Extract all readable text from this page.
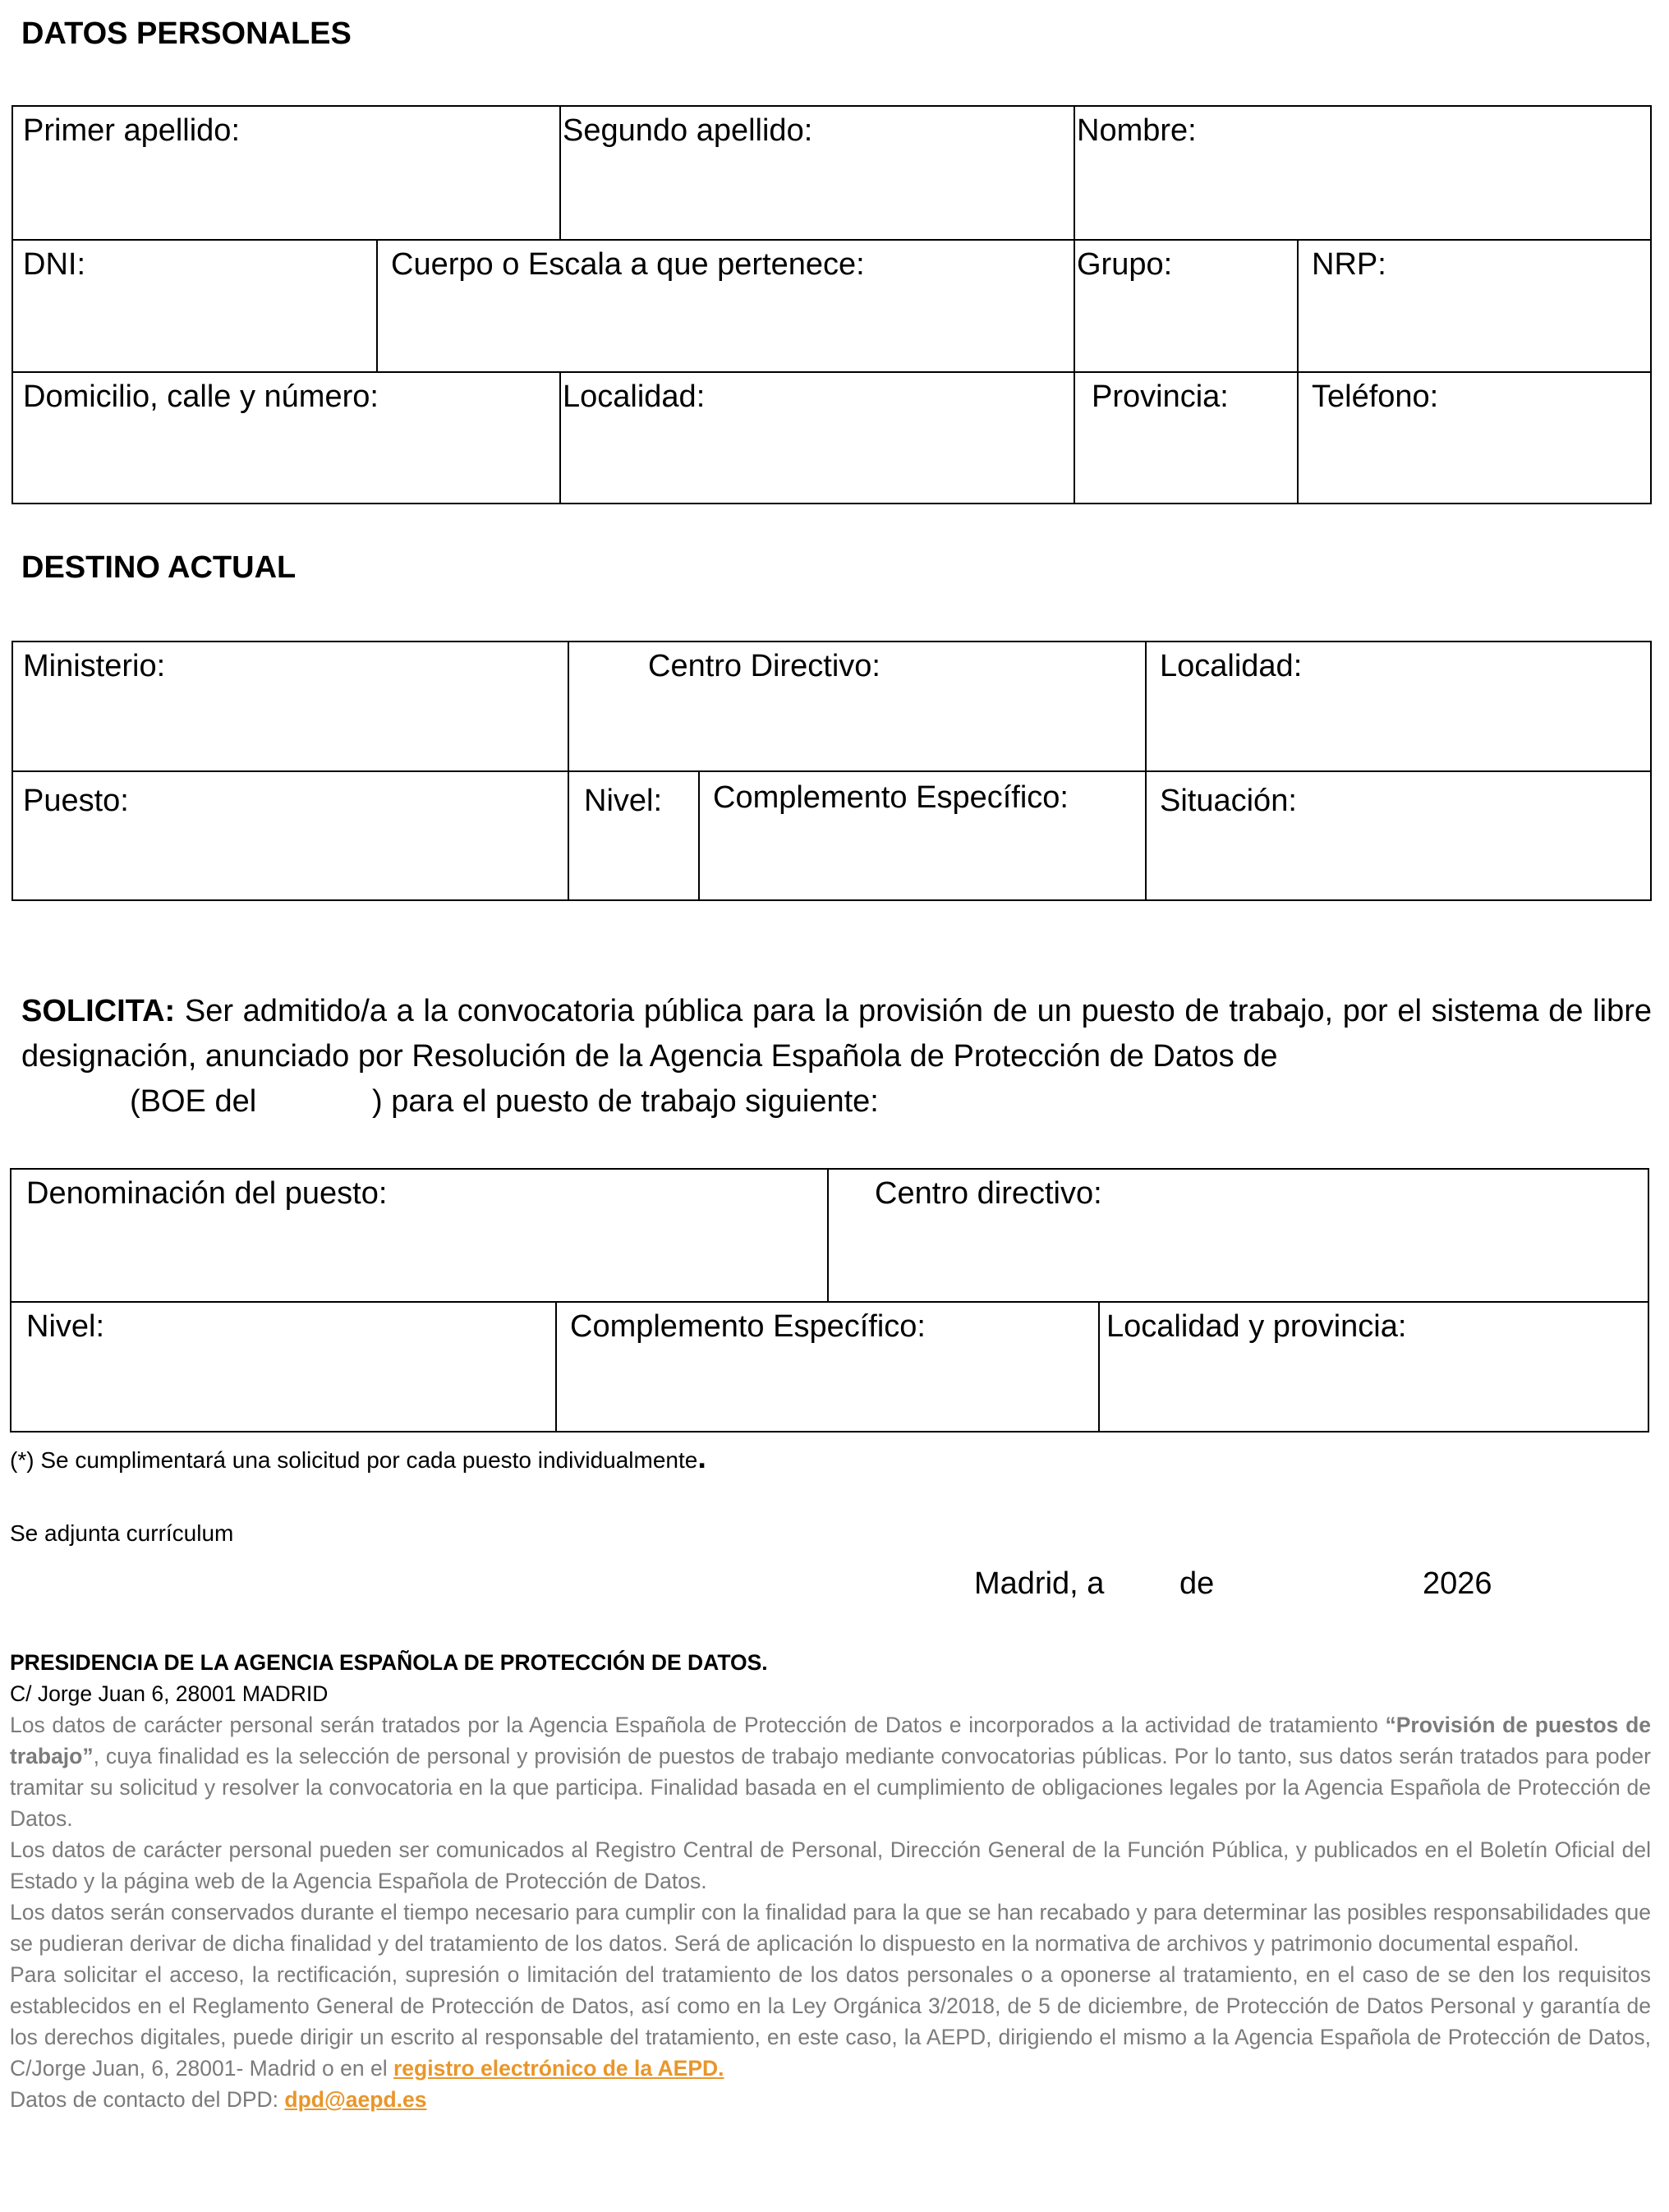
DATOS PERSONALES
Primer apellido:	Segundo apellido:	Nombre:
DNI:	Cuerpo o Escala a que pertenece:	Grupo:	NRP:
Domicilio, calle y número:	Localidad:	Provincia:	Teléfono:
DESTINO ACTUAL
Ministerio:	Centro Directivo:	Localidad:
Puesto:	Nivel:	Complemento Específico:	Situación:
SOLICITA: Ser admitido/a a la convocatoria pública para la provisión de un puesto de trabajo, por el sistema de libre designación, anunciado por Resolución de la Agencia Española de Protección de Datos de
(BOE del	) para el puesto de trabajo siguiente:
Denominación del puesto:	Centro directivo:
Nivel:	Complemento Específico:	Localidad y provincia:
(*) Se cumplimentará una solicitud por cada puesto individualmente.
Se adjunta currículum
Madrid, a de	2026
PRESIDENCIA DE LA AGENCIA ESPAÑOLA DE PROTECCIÓN DE DATOS.
C/ Jorge Juan 6, 28001 MADRID

Los datos de carácter personal serán tratados por la Agencia Española de Protección de Datos e incorporados a la actividad de tratamiento “Provisión de puestos de trabajo”, cuya finalidad es la selección de personal y provisión de puestos de trabajo mediante convocatorias públicas. Por lo tanto, sus datos serán tratados para poder tramitar su solicitud y resolver la convocatoria en la que participa. Finalidad basada en el cumplimiento de obligaciones legales por la Agencia Española de Protección de Datos.

Los datos de carácter personal pueden ser comunicados al Registro Central de Personal, Dirección General de la Función Pública, y publicados en el Boletín Oficial del Estado y la página web de la Agencia Española de Protección de Datos.

Los datos serán conservados durante el tiempo necesario para cumplir con la finalidad para la que se han recabado y para determinar las posibles responsabilidades que se pudieran derivar de dicha finalidad y del tratamiento de los datos. Será de aplicación lo dispuesto en la normativa de archivos y patrimonio documental español.

Para solicitar el acceso, la rectificación, supresión o limitación del tratamiento de los datos personales o a oponerse al tratamiento, en el caso de se den los requisitos establecidos en el Reglamento General de Protección de Datos, así como en la Ley Orgánica 3/2018, de 5 de diciembre, de Protección de Datos Personal y garantía de los derechos digitales, puede dirigir un escrito al responsable del tratamiento, en este caso, la AEPD, dirigiendo el mismo a la Agencia Española de Protección de Datos, C/Jorge Juan, 6, 28001- Madrid o en el registro electrónico de la AEPD.

Datos de contacto del DPD: dpd@aepd.es
